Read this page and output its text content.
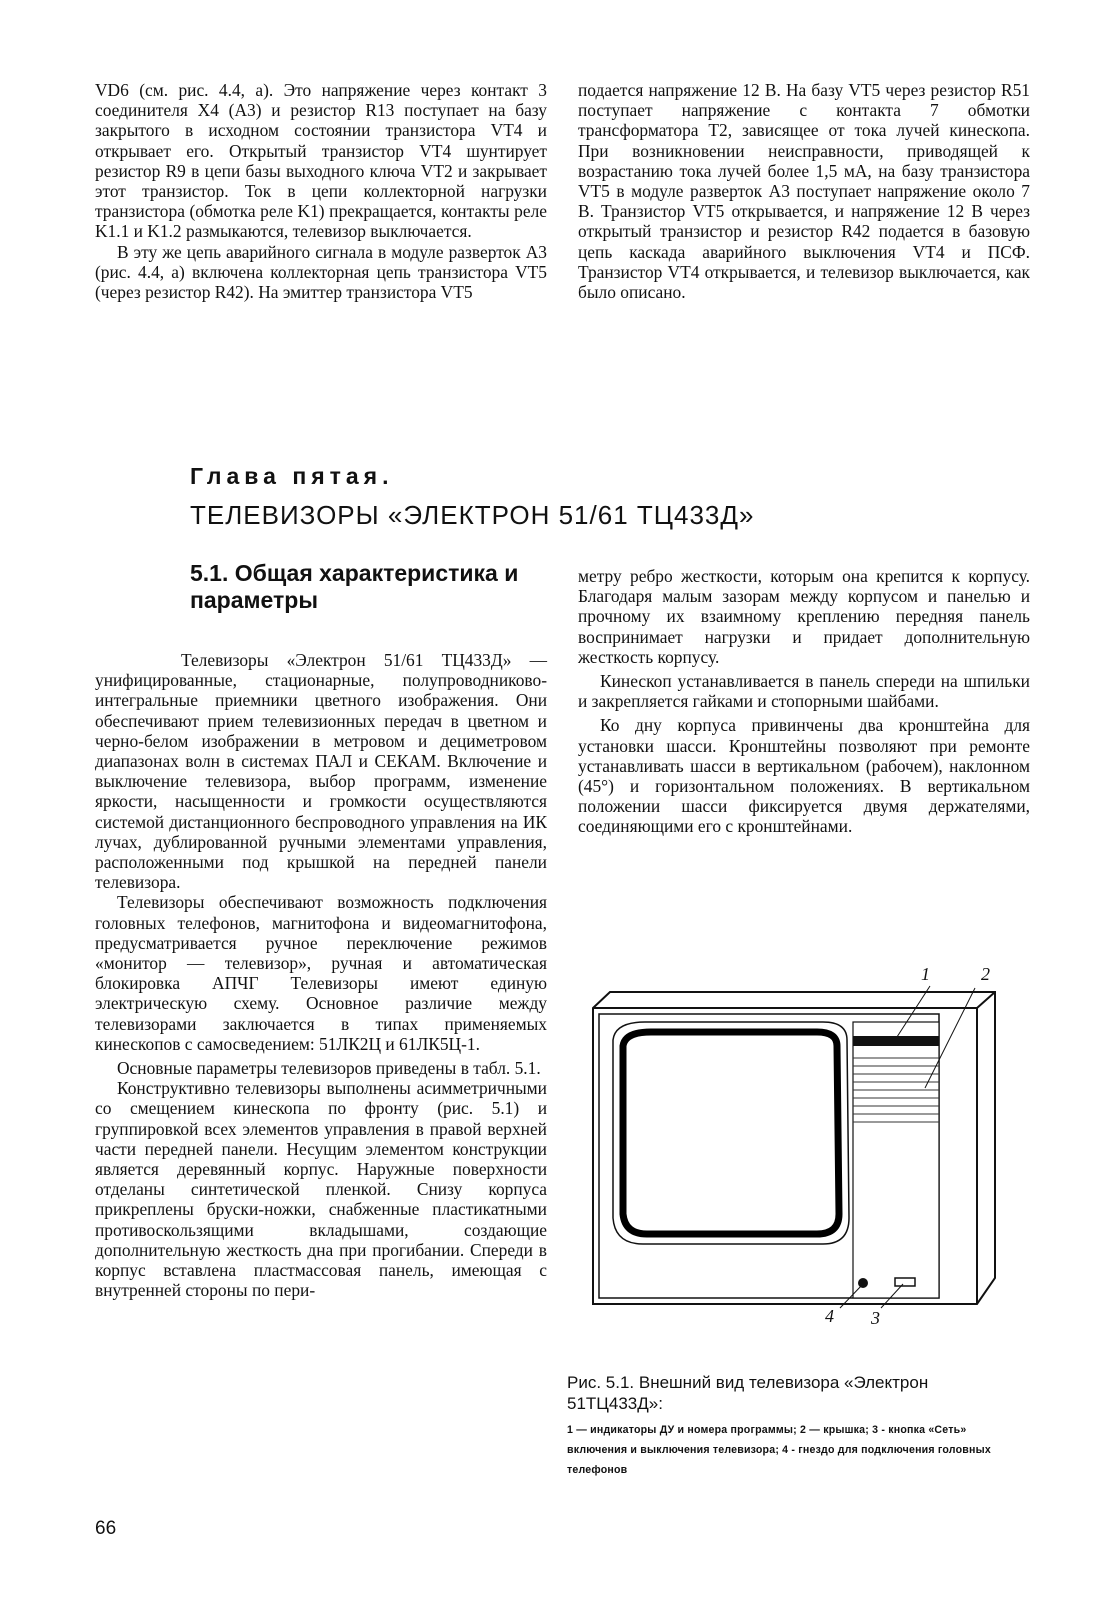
VD6 (см. рис. 4.4, а). Это напряжение через контакт 3 соединителя X4 (A3) и резистор R13 поступает на базу закрытого в исходном состоянии транзистора VT4 и открывает его. Открытый транзистор VT4 шунтирует резистор R9 в цепи базы выходного ключа VT2 и закрывает этот транзистор. Ток в цепи коллекторной нагрузки транзистора (обмотка реле K1) прекращается, контакты реле K1.1 и K1.2 размыкаются, телевизор выключается.

В эту же цепь аварийного сигнала в модуле разверток A3 (рис. 4.4, а) включена коллекторная цепь транзистора VT5 (через резистор R42). На эмиттер транзистора VT5

подается напряжение 12 В. На базу VT5 через резистор R51 поступает напряжение с контакта 7 обмотки трансформатора T2, зависящее от тока лучей кинескопа. При возникновении неисправности, приводящей к возрастанию тока лучей более 1,5 мА, на базу транзистора VT5 в модуле разверток A3 поступает напряжение около 7 В. Транзистор VT5 открывается, и напряжение 12 В через открытый транзистор и резистор R42 подается в базовую цепь каскада аварийного выключения VT4 и ПСФ. Транзистор VT4 открывается, и телевизор выключается, как было описано.

Глава пятая.
ТЕЛЕВИЗОРЫ «ЭЛЕКТРОН 51/61 ТЦ433Д»
5.1. Общая характеристика и параметры

Телевизоры «Электрон 51/61 ТЦ433Д» — унифицированные, стационарные, полупроводниково-интегральные приемники цветного изображения. Они обеспечивают прием телевизионных передач в цветном и черно-белом изображении в метровом и дециметровом диапазонах волн в системах ПАЛ и СЕКАМ. Включение и выключение телевизора, выбор программ, изменение яркости, насыщенности и громкости осуществляются системой дистанционного беспроводного управления на ИК лучах, дублированной ручными элементами управления, расположенными под крышкой на передней панели телевизора.

Телевизоры обеспечивают возможность подключения головных телефонов, магнитофона и видеомагнитофона, предусматривается ручное переключение режимов «монитор — телевизор», ручная и автоматическая блокировка АПЧГ Телевизоры имеют единую электрическую схему. Основное различие между телевизорами заключается в типах применяемых кинескопов с самосведением: 51ЛК2Ц и 61ЛК5Ц-1.

Основные параметры телевизоров приведены в табл. 5.1.

Конструктивно телевизоры выполнены асимметричными со смещением кинескопа по фронту (рис. 5.1) и группировкой всех элементов управления в правой верхней части передней панели. Несущим элементом конструкции является деревянный корпус. Наружные поверхности отделаны синтетической пленкой. Снизу корпуса прикреплены бруски-ножки, снабженные пластикатными противоскользящими вкладышами, создающие дополнительную жесткость дна при прогибании. Спереди в корпус вставлена пластмассовая панель, имеющая с внутренней стороны по пери-

метру ребро жесткости, которым она крепится к корпусу. Благодаря малым зазорам между корпусом и панелью и прочному их взаимному креплению передняя панель воспринимает нагрузки и придает дополнительную жесткость корпусу.

Кинескоп устанавливается в панель спереди на шпильки и закрепляется гайками и стопорными шайбами.

Ко дну корпуса привинчены два кронштейна для установки шасси. Кронштейны позволяют при ремонте устанавливать шасси в вертикальном (рабочем), наклонном (45°) и горизонтальном положениях. В вертикальном положении шасси фиксируется двумя держателями, соединяющими его с кронштейнами.

1	2
3
4
Рис. 5.1. Внешний вид телевизора «Электрон 51ТЦ433Д»:
1 — индикаторы ДУ и номера программы; 2 — крышка; 3 - кнопка «Сеть» включения и выключения телевизора; 4 - гнездо для подключения головных телефонов
66
